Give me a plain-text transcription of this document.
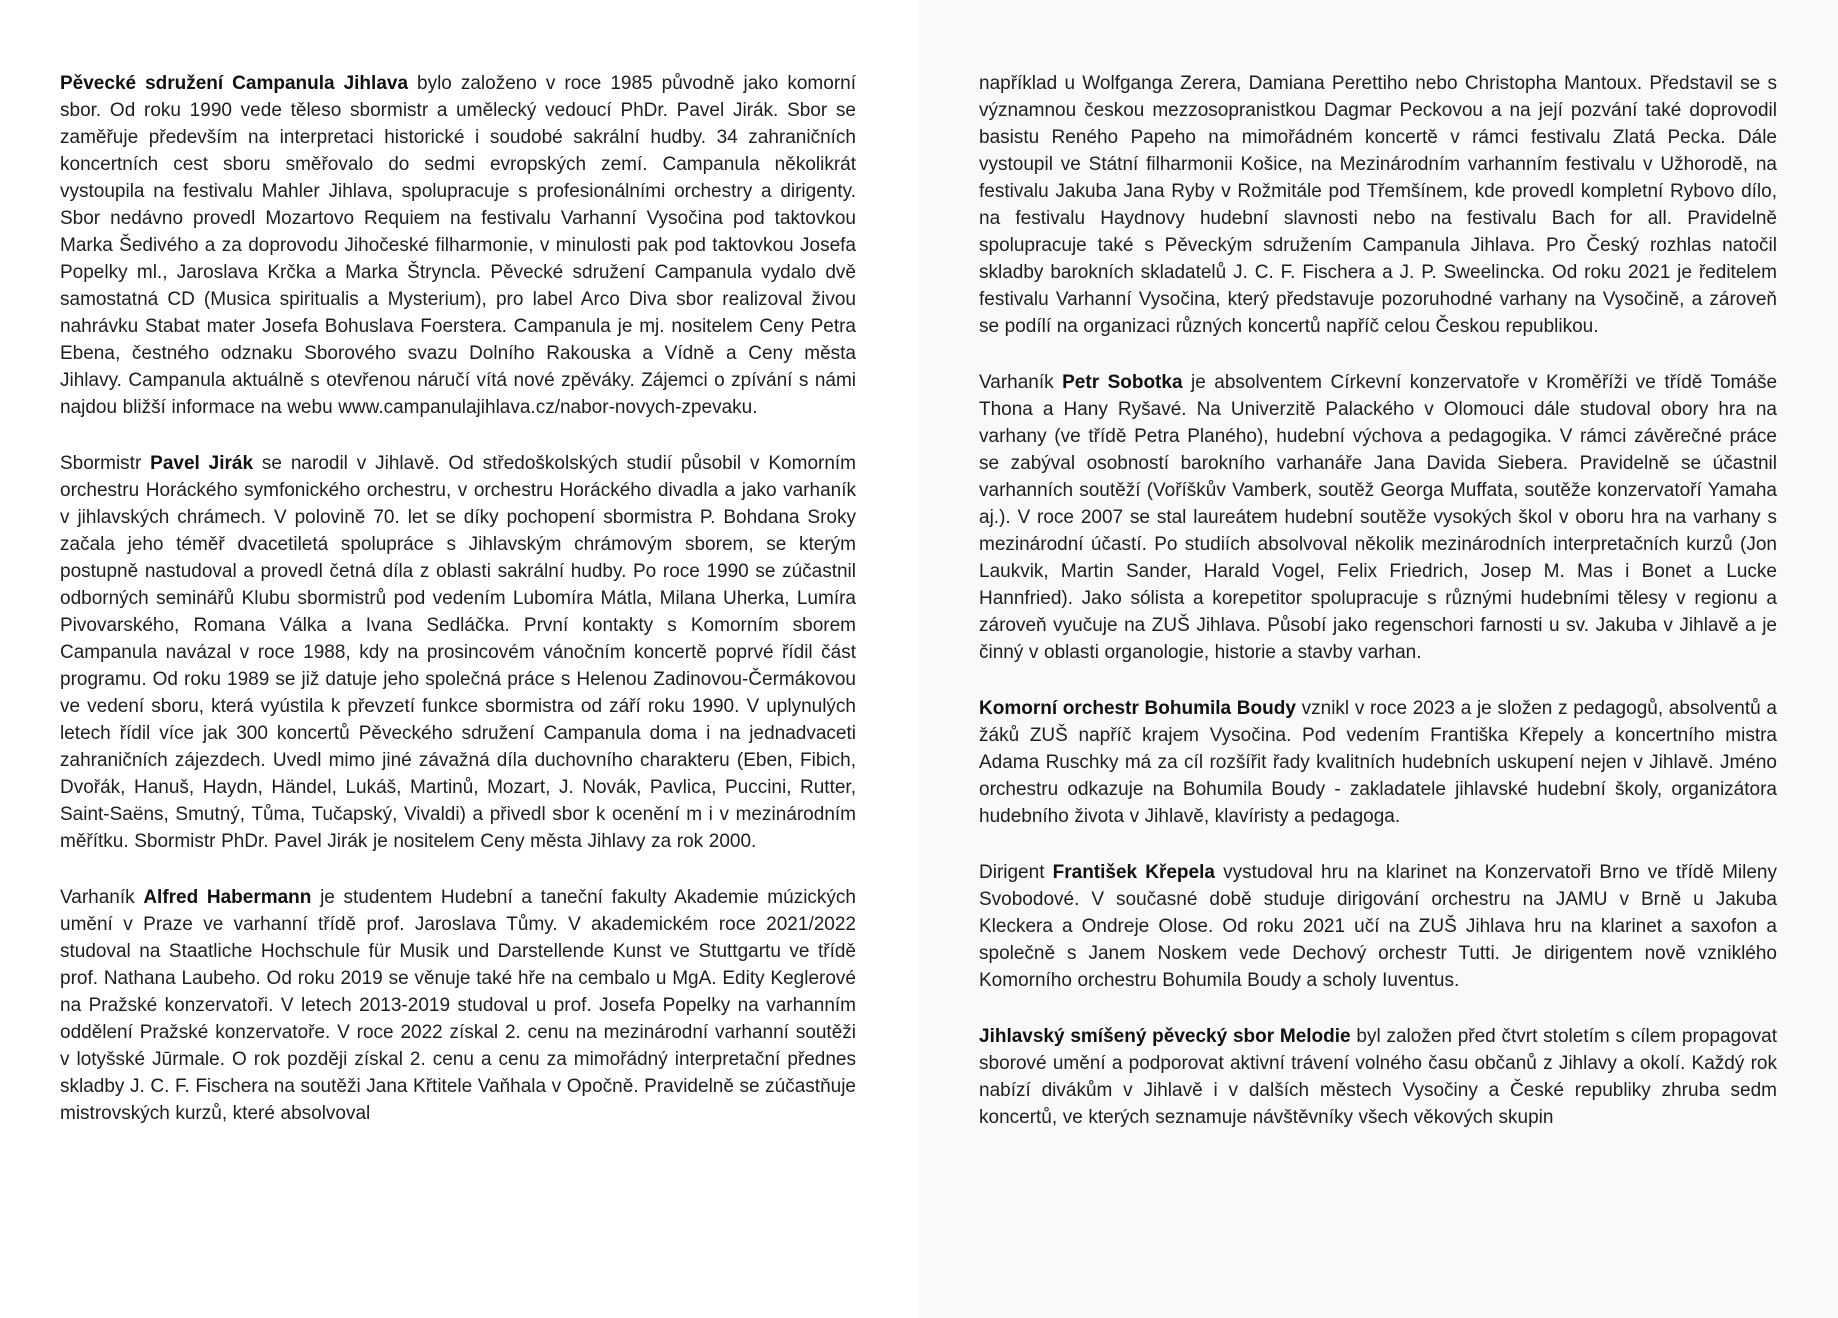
Pěvecké sdružení Campanula Jihlava bylo založeno v roce 1985 původně jako komorní sbor. Od roku 1990 vede těleso sbormistr a umělecký vedoucí PhDr. Pavel Jirák. Sbor se zaměřuje především na interpretaci historické i soudobé sakrální hudby. 34 zahraničních koncertních cest sboru směřovalo do sedmi evropských zemí. Campanula několikrát vystoupila na festivalu Mahler Jihlava, spolupracuje s profesionálními orchestry a dirigenty. Sbor nedávno provedl Mozartovo Requiem na festivalu Varhanní Vysočina pod taktovkou Marka Šedivého a za doprovodu Jihočeské filharmonie, v minulosti pak pod taktovkou Josefa Popelky ml., Jaroslava Krčka a Marka Štryncla. Pěvecké sdružení Campanula vydalo dvě samostatná CD (Musica spiritualis a Mysterium), pro label Arco Diva sbor realizoval živou nahrávku Stabat mater Josefa Bohuslava Foerstera. Campanula je mj. nositelem Ceny Petra Ebena, čestného odznaku Sborového svazu Dolního Rakouska a Vídně a Ceny města Jihlavy. Campanula aktuálně s otevřenou náručí vítá nové zpěváky. Zájemci o zpívání s námi najdou bližší informace na webu www.campanulajihlava.cz/nabor-novych-zpevaku.

Sbormistr Pavel Jirák se narodil v Jihlavě. Od středoškolských studií působil v Komorním orchestru Horáckého symfonického orchestru, v orchestru Horáckého divadla a jako varhaník v jihlavských chrámech. V polovině 70. let se díky pochopení sbormistra P. Bohdana Sroky začala jeho téměř dvacetiletá spolupráce s Jihlavským chrámovým sborem, se kterým postupně nastudoval a provedl četná díla z oblasti sakrální hudby. Po roce 1990 se zúčastnil odborných seminářů Klubu sbormistrů pod vedením Lubomíra Mátla, Milana Uherka, Lumíra Pivovarského, Romana Válka a Ivana Sedláčka. První kontakty s Komorním sborem Campanula navázal v roce 1988, kdy na prosincovém vánočním koncertě poprvé řídil část programu. Od roku 1989 se již datuje jeho společná práce s Helenou Zadinovou-Čermákovou ve vedení sboru, která vyústila k převzetí funkce sbormistra od září roku 1990. V uplynulých letech řídil více jak 300 koncertů Pěveckého sdružení Campanula doma i na jednadvaceti zahraničních zájezdech. Uvedl mimo jiné závažná díla duchovního charakteru (Eben, Fibich, Dvořák, Hanuš, Haydn, Händel, Lukáš, Martinů, Mozart, J. Novák, Pavlica, Puccini, Rutter, Saint-Saëns, Smutný, Tůma, Tučapský, Vivaldi) a přivedl sbor k ocenění m i v mezinárodním měřítku. Sbormistr PhDr. Pavel Jirák je nositelem Ceny města Jihlavy za rok 2000.

Varhaník Alfred Habermann je studentem Hudební a taneční fakulty Akademie múzických umění v Praze ve varhanní třídě prof. Jaroslava Tůmy. V akademickém roce 2021/2022 studoval na Staatliche Hochschule für Musik und Darstellende Kunst ve Stuttgartu ve třídě prof. Nathana Laubeho. Od roku 2019 se věnuje také hře na cembalo u MgA. Edity Keglerové na Pražské konzervatoři. V letech 2013-2019 studoval u prof. Josefa Popelky na varhanním oddělení Pražské konzervatoře. V roce 2022 získal 2. cenu na mezinárodní varhanní soutěži v lotyšské Jūrmale. O rok později získal 2. cenu a cenu za mimořádný interpretační přednes skladby J. C. F. Fischera na soutěži Jana Křtitele Vaňhala v Opočně. Pravidelně se zúčastňuje mistrovských kurzů, které absolvoval

například u Wolfganga Zerera, Damiana Perettiho nebo Christopha Mantoux. Představil se s významnou českou mezzosopranistkou Dagmar Peckovou a na její pozvání také doprovodil basistu Reného Papeho na mimořádném koncertě v rámci festivalu Zlatá Pecka. Dále vystoupil ve Státní filharmonii Košice, na Mezinárodním varhanním festivalu v Užhorodě, na festivalu Jakuba Jana Ryby v Rožmitále pod Třemšínem, kde provedl kompletní Rybovo dílo, na festivalu Haydnovy hudební slavnosti nebo na festivalu Bach for all. Pravidelně spolupracuje také s Pěveckým sdružením Campanula Jihlava. Pro Český rozhlas natočil skladby barokních skladatelů J. C. F. Fischera a J. P. Sweelincka. Od roku 2021 je ředitelem festivalu Varhanní Vysočina, který představuje pozoruhodné varhany na Vysočině, a zároveň se podílí na organizaci různých koncertů napříč celou Českou republikou.

Varhaník Petr Sobotka je absolventem Církevní konzervatoře v Kroměříži ve třídě Tomáše Thona a Hany Ryšavé. Na Univerzitě Palackého v Olomouci dále studoval obory hra na varhany (ve třídě Petra Planého), hudební výchova a pedagogika. V rámci závěrečné práce se zabýval osobností barokního varhanáře Jana Davida Siebera. Pravidelně se účastnil varhanních soutěží (Voříškův Vamberk, soutěž Georga Muffata, soutěže konzervatoří Yamaha aj.). V roce 2007 se stal laureátem hudební soutěže vysokých škol v oboru hra na varhany s mezinárodní účastí. Po studiích absolvoval několik mezinárodních interpretačních kurzů (Jon Laukvik, Martin Sander, Harald Vogel, Felix Friedrich, Josep M. Mas i Bonet a Lucke Hannfried). Jako sólista a korepetitor spolupracuje s různými hudebními tělesy v regionu a zároveň vyučuje na ZUŠ Jihlava. Působí jako regenschori farnosti u sv. Jakuba v Jihlavě a je činný v oblasti organologie, historie a stavby varhan.

Komorní orchestr Bohumila Boudy vznikl v roce 2023 a je složen z pedagogů, absolventů a žáků ZUŠ napříč krajem Vysočina. Pod vedením Františka Křepely a koncertního mistra Adama Ruschky má za cíl rozšířit řady kvalitních hudebních uskupení nejen v Jihlavě. Jméno orchestru odkazuje na Bohumila Boudy - zakladatele jihlavské hudební školy, organizátora hudebního života v Jihlavě, klavíristy a pedagoga.

Dirigent František Křepela vystudoval hru na klarinet na Konzervatoři Brno ve třídě Mileny Svobodové. V současné době studuje dirigování orchestru na JAMU v Brně u Jakuba Kleckera a Ondreje Olose. Od roku 2021 učí na ZUŠ Jihlava hru na klarinet a saxofon a společně s Janem Noskem vede Dechový orchestr Tutti. Je dirigentem nově vzniklého Komorního orchestru Bohumila Boudy a scholy Iuventus.

Jihlavský smíšený pěvecký sbor Melodie byl založen před čtvrt stoletím s cílem propagovat sborové umění a podporovat aktivní trávení volného času občanů z Jihlavy a okolí. Každý rok nabízí divákům v Jihlavě i v dalších městech Vysočiny a České republiky zhruba sedm koncertů, ve kterých seznamuje návštěvníky všech věkových skupin
